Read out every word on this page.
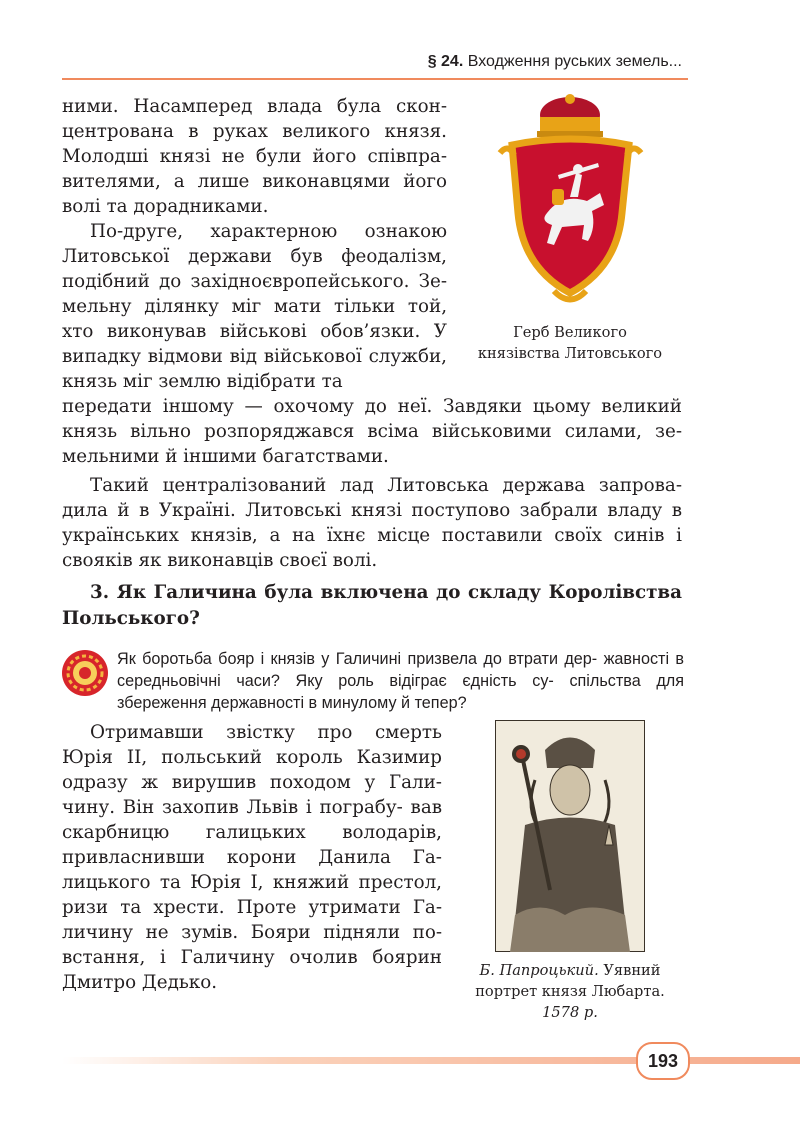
§ 24. Входження руських земель...

ними. Насамперед влада була скон- центрована в руках великого князя. Молодші князі не були його співпра- вителями, а лише виконавцями його волі та дорадниками.

По-друге, характерною ознакою Литовської держави був феодалізм, подібний до західноєвропейського. Зе- мельну ділянку міг мати тільки той, хто виконував військові обов’язки. У випадку відмови від військової служби, князь міг землю відібрати та

Герб Великого
князівства Литовського

передати іншому — охочому до неї. Завдяки цьому великий князь вільно розпоряджався всіма військовими силами, зе- мельними й іншими багатствами.

Такий централізований лад Литовська держава запрова- дила й в Україні. Литовські князі поступово забрали владу в українських князів, а на їхнє місце поставили своїх синів і свояків як виконавців своєї волі.

3. Як Галичина була включена до складу Королівства Польського?
Як боротьба бояр і князів у Галичині призвела до втрати дер- жавності в середньовічні часи? Яку роль відіграє єдність су- спільства для збереження державності в минулому й тепер?

Отримавши звістку про смерть Юрія II, польський король Казимир одразу ж вирушив походом у Гали- чину. Він захопив Львів і пограбу- вав скарбницю галицьких володарів, привласнивши корони Данила Га- лицького та Юрія I, княжий престол, ризи та хрести. Проте утримати Га- личину не зумів. Бояри підняли по- встання, і Галичину очолив боярин Дмитро Дедько.

Б. Папроцький. Уявний
портрет князя Любарта.
1578 р.
193
